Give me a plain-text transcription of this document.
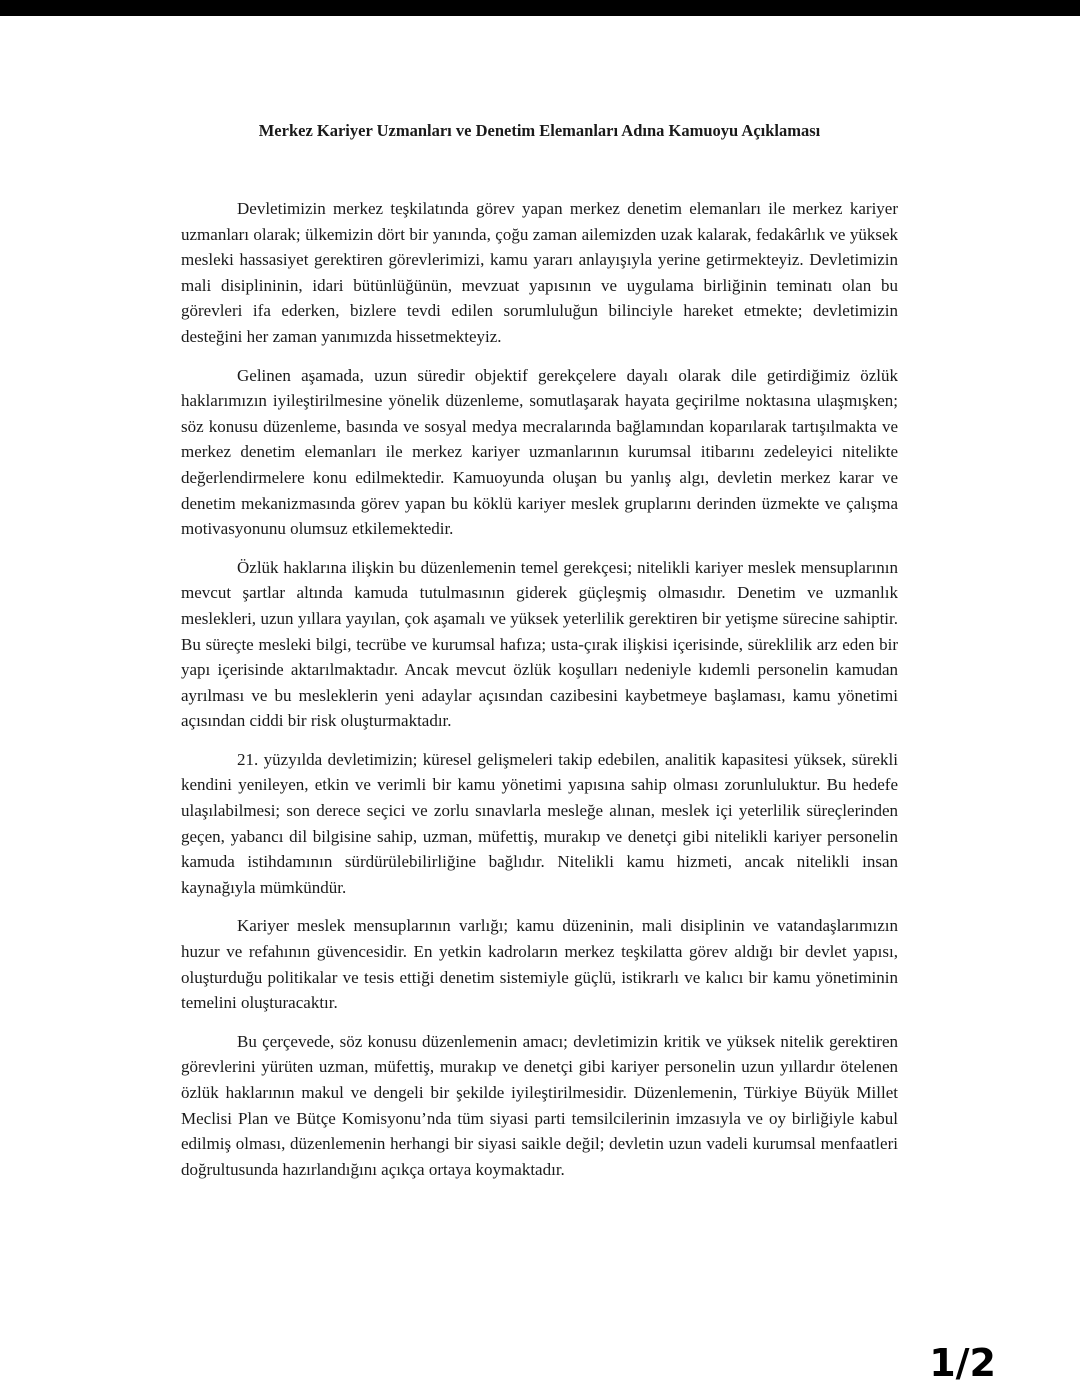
Merkez Kariyer Uzmanları ve Denetim Elemanları Adına Kamuoyu Açıklaması

Devletimizin merkez teşkilatında görev yapan merkez denetim elemanları ile merkez kariyer uzmanları olarak; ülkemizin dört bir yanında, çoğu zaman ailemizden uzak kalarak, fedakârlık ve yüksek mesleki hassasiyet gerektiren görevlerimizi, kamu yararı anlayışıyla yerine getirmekteyiz. Devletimizin mali disiplininin, idari bütünlüğünün, mevzuat yapısının ve uygulama birliğinin teminatı olan bu görevleri ifa ederken, bizlere tevdi edilen sorumluluğun bilinciyle hareket etmekte; devletimizin desteğini her zaman yanımızda hissetmekteyiz.

Gelinen aşamada, uzun süredir objektif gerekçelere dayalı olarak dile getirdiğimiz özlük haklarımızın iyileştirilmesine yönelik düzenleme, somutlaşarak hayata geçirilme noktasına ulaşmışken; söz konusu düzenleme, basında ve sosyal medya mecralarında bağlamından koparılarak tartışılmakta ve merkez denetim elemanları ile merkez kariyer uzmanlarının kurumsal itibarını zedeleyici nitelikte değerlendirmelere konu edilmektedir. Kamuoyunda oluşan bu yanlış algı, devletin merkez karar ve denetim mekanizmasında görev yapan bu köklü kariyer meslek gruplarını derinden üzmekte ve çalışma motivasyonunu olumsuz etkilemektedir.

Özlük haklarına ilişkin bu düzenlemenin temel gerekçesi; nitelikli kariyer meslek mensuplarının mevcut şartlar altında kamuda tutulmasının giderek güçleşmiş olmasıdır. Denetim ve uzmanlık meslekleri, uzun yıllara yayılan, çok aşamalı ve yüksek yeterlilik gerektiren bir yetişme sürecine sahiptir. Bu süreçte mesleki bilgi, tecrübe ve kurumsal hafıza; usta-çırak ilişkisi içerisinde, süreklilik arz eden bir yapı içerisinde aktarılmaktadır. Ancak mevcut özlük koşulları nedeniyle kıdemli personelin kamudan ayrılması ve bu mesleklerin yeni adaylar açısından cazibesini kaybetmeye başlaması, kamu yönetimi açısından ciddi bir risk oluşturmaktadır.

21. yüzyılda devletimizin; küresel gelişmeleri takip edebilen, analitik kapasitesi yüksek, sürekli kendini yenileyen, etkin ve verimli bir kamu yönetimi yapısına sahip olması zorunluluktur. Bu hedefe ulaşılabilmesi; son derece seçici ve zorlu sınavlarla mesleğe alınan, meslek içi yeterlilik süreçlerinden geçen, yabancı dil bilgisine sahip, uzman, müfettiş, murakıp ve denetçi gibi nitelikli kariyer personelin kamuda istihdamının sürdürülebilirliğine bağlıdır. Nitelikli kamu hizmeti, ancak nitelikli insan kaynağıyla mümkündür.

Kariyer meslek mensuplarının varlığı; kamu düzeninin, mali disiplinin ve vatandaşlarımızın huzur ve refahının güvencesidir. En yetkin kadroların merkez teşkilatta görev aldığı bir devlet yapısı, oluşturduğu politikalar ve tesis ettiği denetim sistemiyle güçlü, istikrarlı ve kalıcı bir kamu yönetiminin temelini oluşturacaktır.

Bu çerçevede, söz konusu düzenlemenin amacı; devletimizin kritik ve yüksek nitelik gerektiren görevlerini yürüten uzman, müfettiş, murakıp ve denetçi gibi kariyer personelin uzun yıllardır ötelenen özlük haklarının makul ve dengeli bir şekilde iyileştirilmesidir. Düzenlemenin, Türkiye Büyük Millet Meclisi Plan ve Bütçe Komisyonu’nda tüm siyasi parti temsilcilerinin imzasıyla ve oy birliğiyle kabul edilmiş olması, düzenlemenin herhangi bir siyasi saikle değil; devletin uzun vadeli kurumsal menfaatleri doğrultusunda hazırlandığını açıkça ortaya koymaktadır.

1/2
